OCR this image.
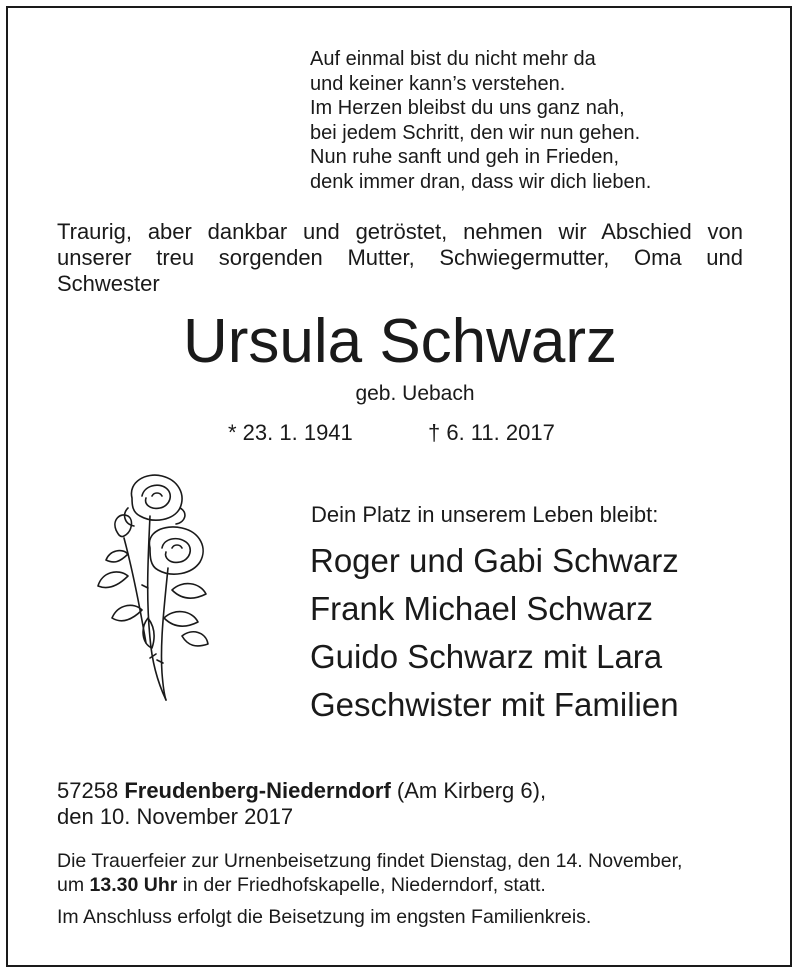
Auf einmal bist du nicht mehr da
und keiner kann’s verstehen.
Im Herzen bleibst du uns ganz nah,
bei jedem Schritt, den wir nun gehen.
Nun ruhe sanft und geh in Frieden,
denk immer dran, dass wir dich lieben.
Traurig, aber dankbar und getröstet, nehmen wir Abschied von
unserer treu sorgenden Mutter, Schwiegermutter, Oma und
Schwester
Ursula Schwarz
geb. Uebach
* 23. 1. 1941	† 6. 11. 2017
Dein Platz in unserem Leben bleibt:
Roger und Gabi Schwarz
Frank Michael Schwarz
Guido Schwarz mit Lara
Geschwister mit Familien
57258 Freudenberg-Niederndorf (Am Kirberg 6),
den 10. November 2017
Die Trauerfeier zur Urnenbeisetzung findet Dienstag, den 14. November,
um 13.30 Uhr in der Friedhofskapelle, Niederndorf, statt.
Im Anschluss erfolgt die Beisetzung im engsten Familienkreis.
